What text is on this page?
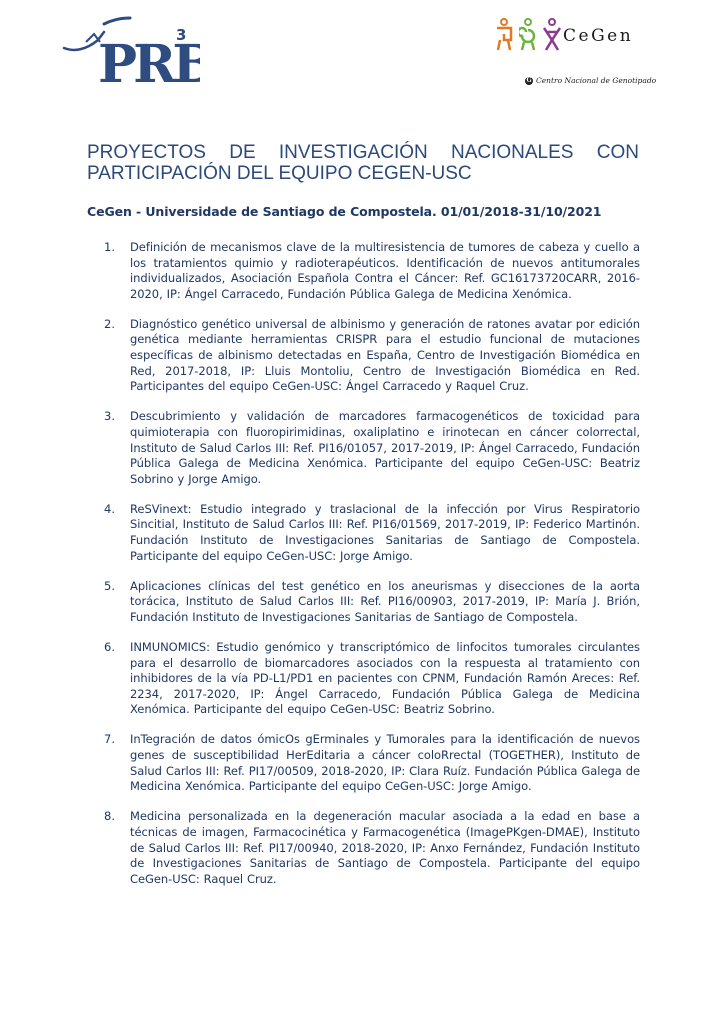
PRB
3	CeGen
G Centro Nacional de Genotipado
PROYECTOS DE INVESTIGACIÓN NACIONALES CON
PARTICIPACIÓN DEL EQUIPO CEGEN-USC
CeGen - Universidade de Santiago de Compostela. 01/01/2018-31/10/2021
1.	Definición de mecanismos clave de la multiresistencia de tumores de cabeza y cuello a los tratamientos quimio y radioterapéuticos. Identificación de nuevos antitumorales individualizados, Asociación Española Contra el Cáncer: Ref. GC16173720CARR, 2016-2020, IP: Ángel Carracedo, Fundación Pública Galega de Medicina Xenómica.
2.	Diagnóstico genético universal de albinismo y generación de ratones avatar por edición genética mediante herramientas CRISPR para el estudio funcional de mutaciones específicas de albinismo detectadas en España, Centro de Investigación Biomédica en Red, 2017-2018, IP: Lluis Montoliu, Centro de Investigación Biomédica en Red. Participantes del equipo CeGen-USC: Ángel Carracedo y Raquel Cruz.
3.	Descubrimiento y validación de marcadores farmacogenéticos de toxicidad para quimioterapia con fluoropirimidinas, oxaliplatino e irinotecan en cáncer colorrectal, Instituto de Salud Carlos III: Ref. PI16/01057, 2017-2019, IP: Ángel Carracedo, Fundación Pública Galega de Medicina Xenómica. Participante del equipo CeGen-USC: Beatriz Sobrino y Jorge Amigo.
4.	ReSVinext: Estudio integrado y traslacional de la infección por Virus Respiratorio Sincitial, Instituto de Salud Carlos III: Ref. PI16/01569, 2017-2019, IP: Federico Martinón. Fundación Instituto de Investigaciones Sanitarias de Santiago de Compostela. Participante del equipo CeGen-USC: Jorge Amigo.
5.	Aplicaciones clínicas del test genético en los aneurismas y disecciones de la aorta torácica, Instituto de Salud Carlos III: Ref. PI16/00903, 2017-2019, IP: María J. Brión, Fundación Instituto de Investigaciones Sanitarias de Santiago de Compostela.
6.	INMUNOMICS: Estudio genómico y transcriptómico de linfocitos tumorales circulantes para el desarrollo de biomarcadores asociados con la respuesta al tratamiento con inhibidores de la vía PD-L1/PD1 en pacientes con CPNM, Fundación Ramón Areces: Ref. 2234, 2017-2020, IP: Ángel Carracedo, Fundación Pública Galega de Medicina Xenómica. Participante del equipo CeGen-USC: Beatriz Sobrino.
7.	InTegración de datos ómicOs gErminales y Tumorales para la identificación de nuevos genes de susceptibilidad HerEditaria a cáncer coloRrectal (TOGETHER), Instituto de Salud Carlos III: Ref. PI17/00509, 2018-2020, IP: Clara Ruíz. Fundación Pública Galega de Medicina Xenómica. Participante del equipo CeGen-USC: Jorge Amigo.
8.	Medicina personalizada en la degeneración macular asociada a la edad en base a técnicas de imagen, Farmacocinética y Farmacogenética (ImagePKgen-DMAE), Instituto de Salud Carlos III: Ref. PI17/00940, 2018-2020, IP: Anxo Fernández, Fundación Instituto de Investigaciones Sanitarias de Santiago de Compostela. Participante del equipo CeGen-USC: Raquel Cruz.
